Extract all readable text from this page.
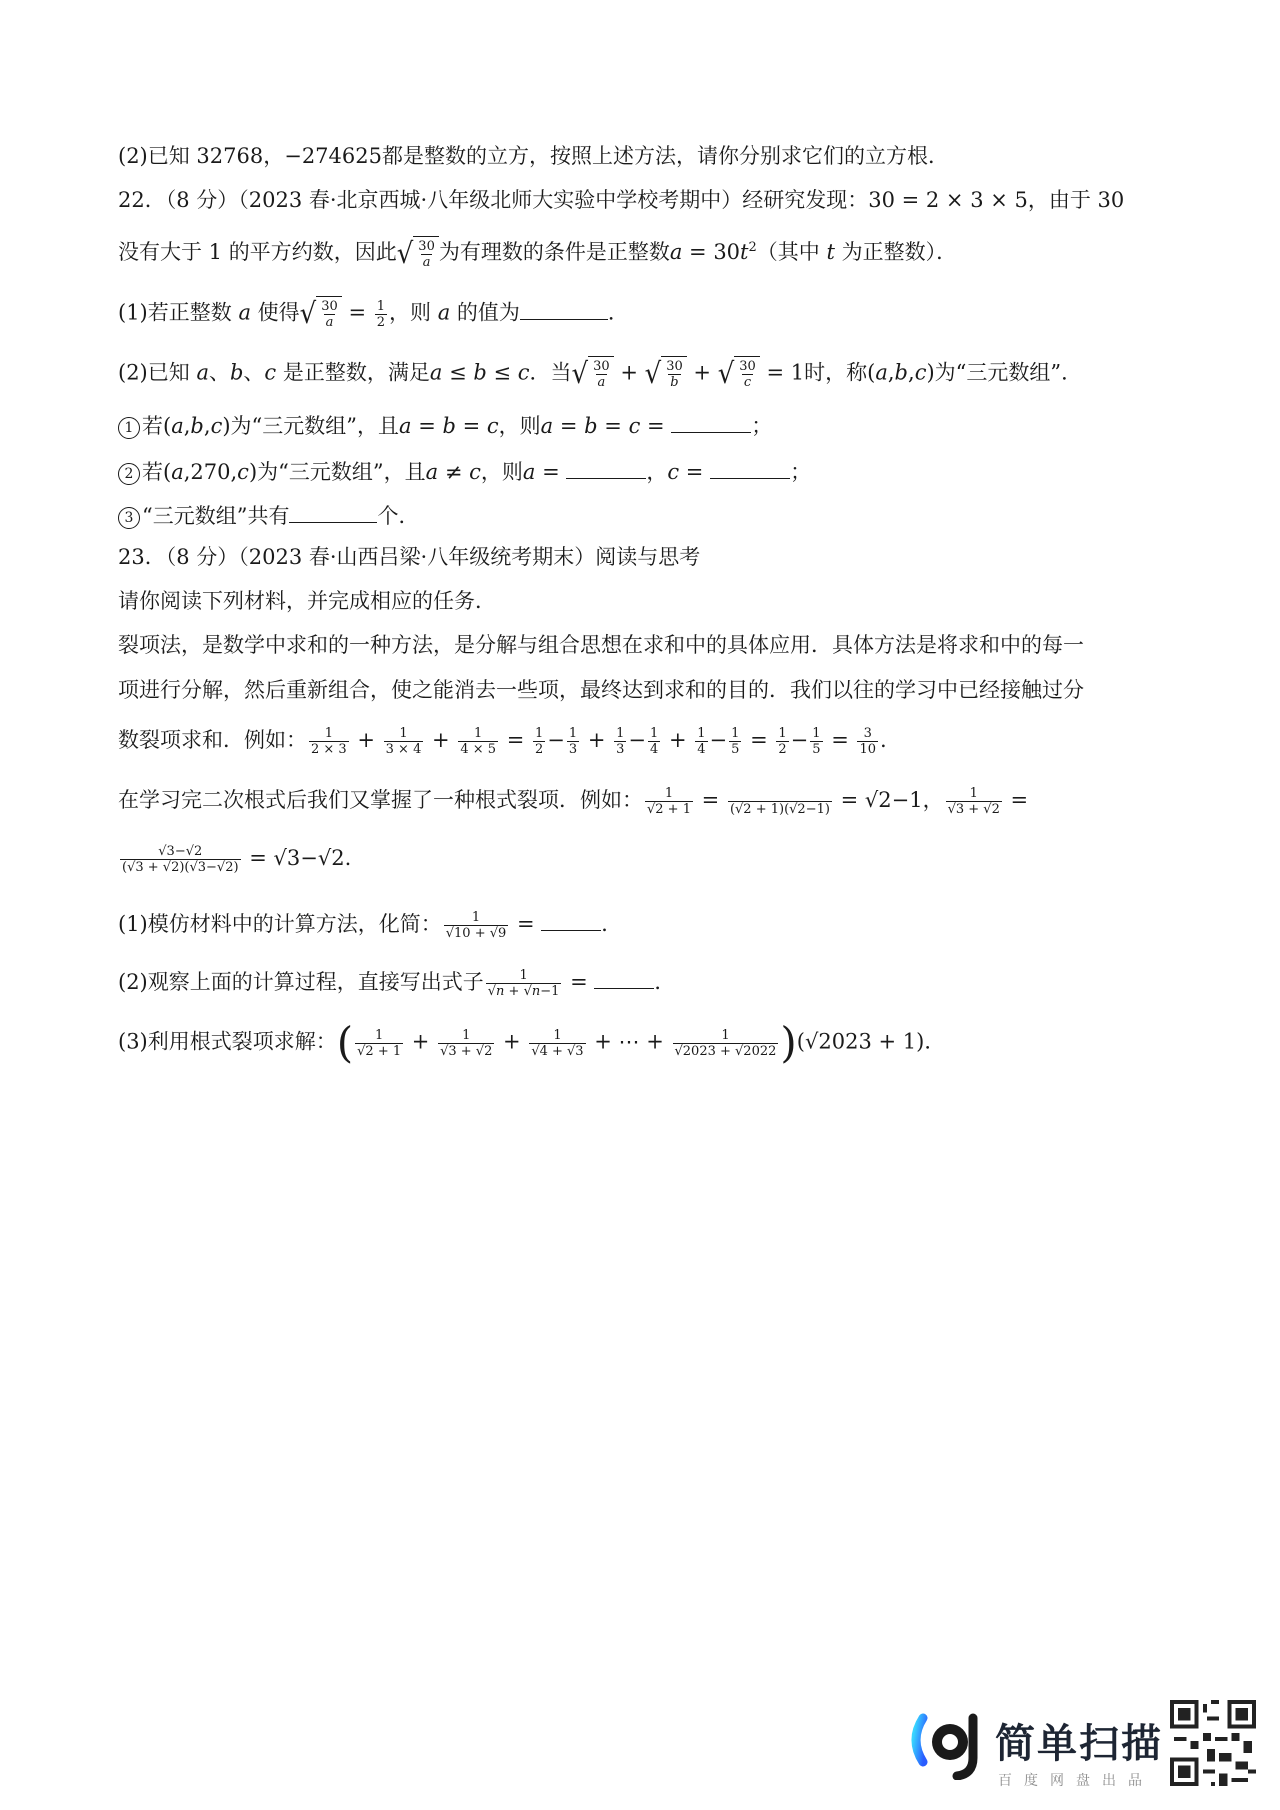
(2)已知 32768，−274625都是整数的立方，按照上述方法，请你分别求它们的立方根．
22．（8 分）（2023 春·北京西城·八年级北师大实验中学校考期中）经研究发现：30 = 2 × 3 × 5，由于 30
没有大于 1 的平方约数，因此 √ $\frac{30}{a}$ 为有理数的条件是正整数$a = 30t^2$（其中 t 为正整数）．
(1)若正整数 a 使得 √ $\frac{30}{a} = \frac{1}{2}$ ，则 a 的值为	．
(2)已知 a、b、c 是正整数，满足a ≤ b ≤ c．当 √ $\frac{30}{a}$ + √ $\frac{30}{b}$ + √ $\frac{30}{c} = 1$时，称(a,b,c)为“三元数组”．
1 若(a,b,c)为“三元数组”，且a = b = c，则a = b = c =	；
2 若(a,270,c)为“三元数组”，且a ≠ c，则a =	，c =	；
3 “三元数组”共有	个．
23．（8 分）（2023 春·山西吕梁·八年级统考期末）阅读与思考
请你阅读下列材料，并完成相应的任务．
裂项法，是数学中求和的一种方法，是分解与组合思想在求和中的具体应用．具体方法是将求和中的每一
项进行分解，然后重新组合，使之能消去一些项，最终达到求和的目的．我们以往的学习中已经接触过分
数裂项求和．例如： $\frac{1}{2 \times 3} + \frac{1}{3 \times 4} + \frac{1}{4 \times 5} = \frac{1}{2} - \frac{1}{3} + \frac{1}{3} - \frac{1}{4} + \frac{1}{4} - \frac{1}{5} = \frac{1}{2} - \frac{1}{5} = \frac{3}{10}$ .
在学习完二次根式后我们又掌握了一种根式裂项．例如： $\frac{1}{√2 + 1}$ =
(√2 + 1)(√2−1) = √2−1， $\frac{1}{√3 + √2}$ =
$\frac{√3-√2}{(√3 + √2)(√3-√2)} = √3-√2$.
(1)模仿材料中的计算方法，化简： $\frac{1}{√10 + √9}$ =	．
(2)观察上面的计算过程，直接写出式子 $\frac{1}{√n + √n-1}$ =	．
(3)利用根式裂项求解：( $\frac{1}{√2 + 1} + \frac{1}{√3 + √2} + \frac{1}{√4 + √3}$ + ⋯ + $\frac{1}{√2023 + √2022} )(√2023 + 1)$．
简单扫描
百度网盘出品
